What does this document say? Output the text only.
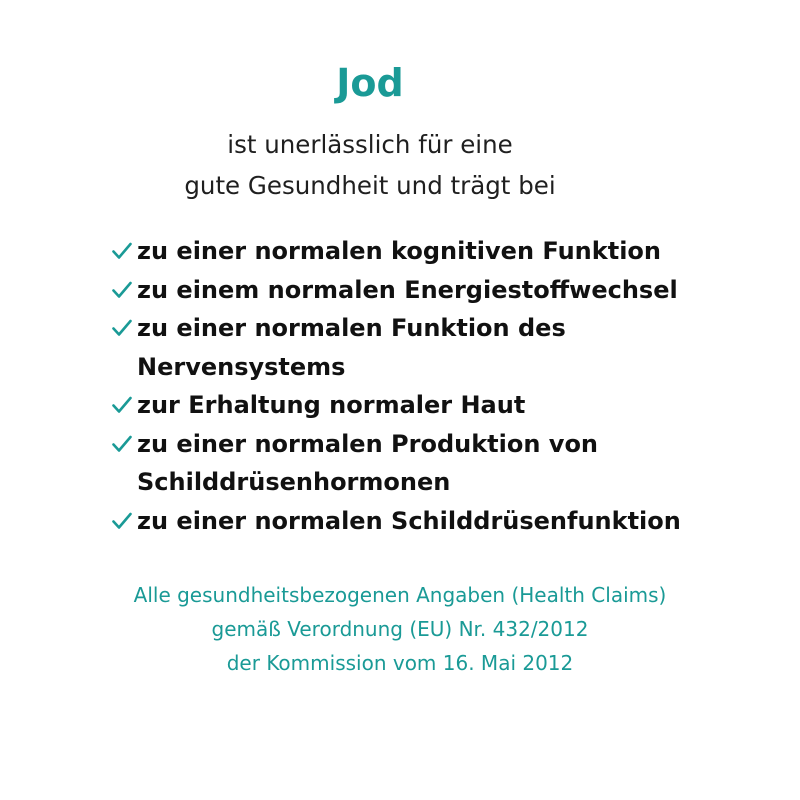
Jod
ist unerlässlich für eine
gute Gesundheit und trägt bei
zu einer normalen kognitiven Funktion
zu einem normalen Energiestoffwechsel
zu einer normalen Funktion des
Nervensystems
zur Erhaltung normaler Haut
zu einer normalen Produktion von
Schilddrüsenhormonen
zu einer normalen Schilddrüsenfunktion
Alle gesundheitsbezogenen Angaben (Health Claims)
gemäß Verordnung (EU) Nr. 432/2012
der Kommission vom 16. Mai 2012
